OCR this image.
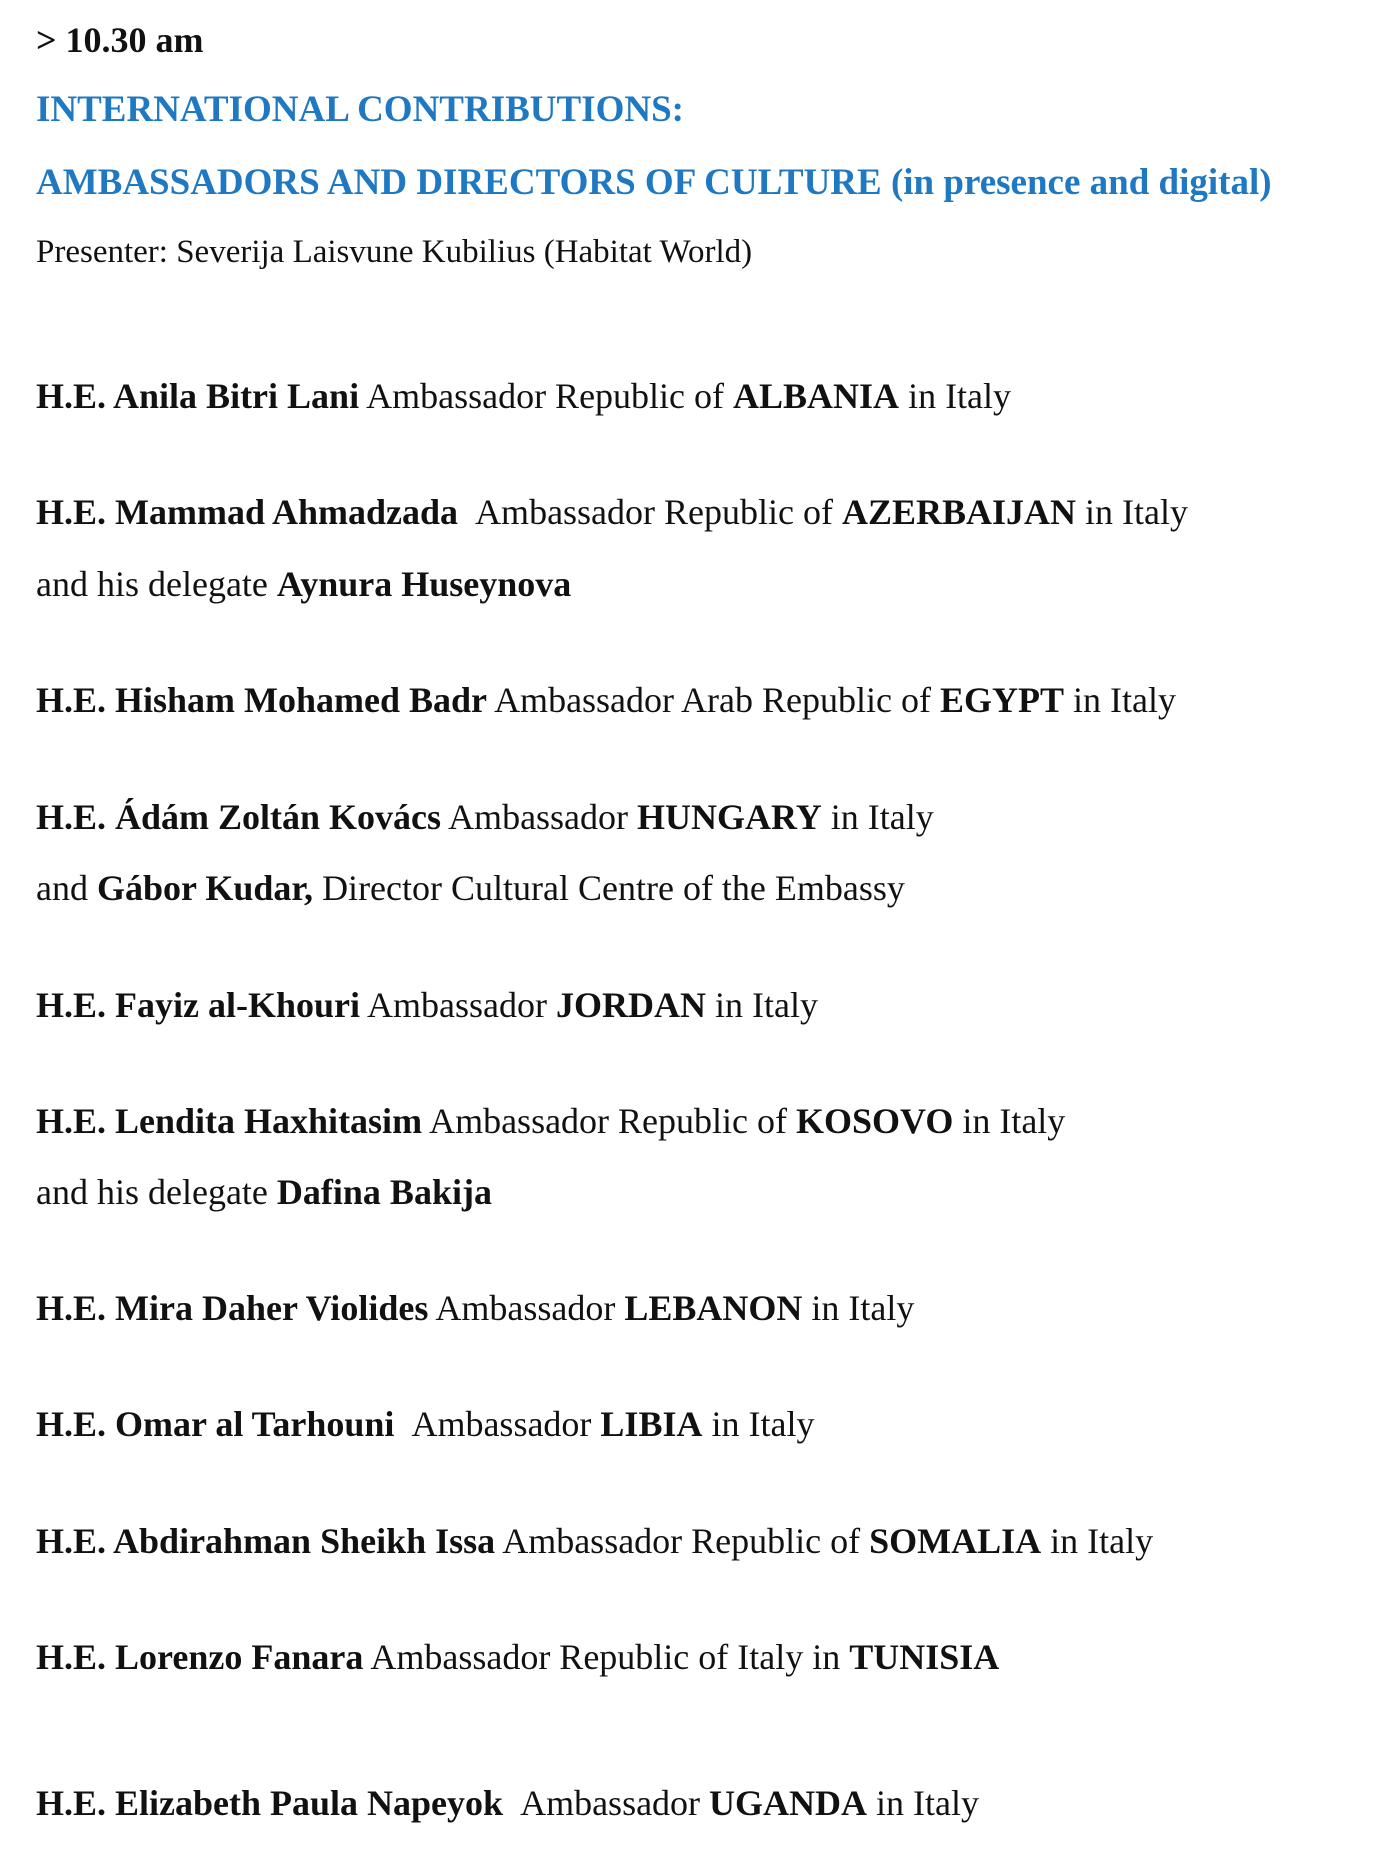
> 10.30 am
INTERNATIONAL CONTRIBUTIONS:
AMBASSADORS AND DIRECTORS OF CULTURE (in presence and digital)
Presenter: Severija Laisvune Kubilius (Habitat World)
H.E. Anila Bitri Lani Ambassador Republic of ALBANIA in Italy
H.E. Mammad Ahmadzada Ambassador Republic of AZERBAIJAN in Italy
and his delegate Aynura Huseynova
H.E. Hisham Mohamed Badr Ambassador Arab Republic of EGYPT in Italy
H.E. Ádám Zoltán Kovács Ambassador HUNGARY in Italy
and Gábor Kudar, Director Cultural Centre of the Embassy
H.E. Fayiz al-Khouri Ambassador JORDAN in Italy
H.E. Lendita Haxhitasim Ambassador Republic of KOSOVO in Italy
and his delegate Dafina Bakija
H.E. Mira Daher Violides Ambassador LEBANON in Italy
H.E. Omar al Tarhouni Ambassador LIBIA in Italy
H.E. Abdirahman Sheikh Issa Ambassador Republic of SOMALIA in Italy
H.E. Lorenzo Fanara Ambassador Republic of Italy in TUNISIA
H.E. Elizabeth Paula Napeyok Ambassador UGANDA in Italy
